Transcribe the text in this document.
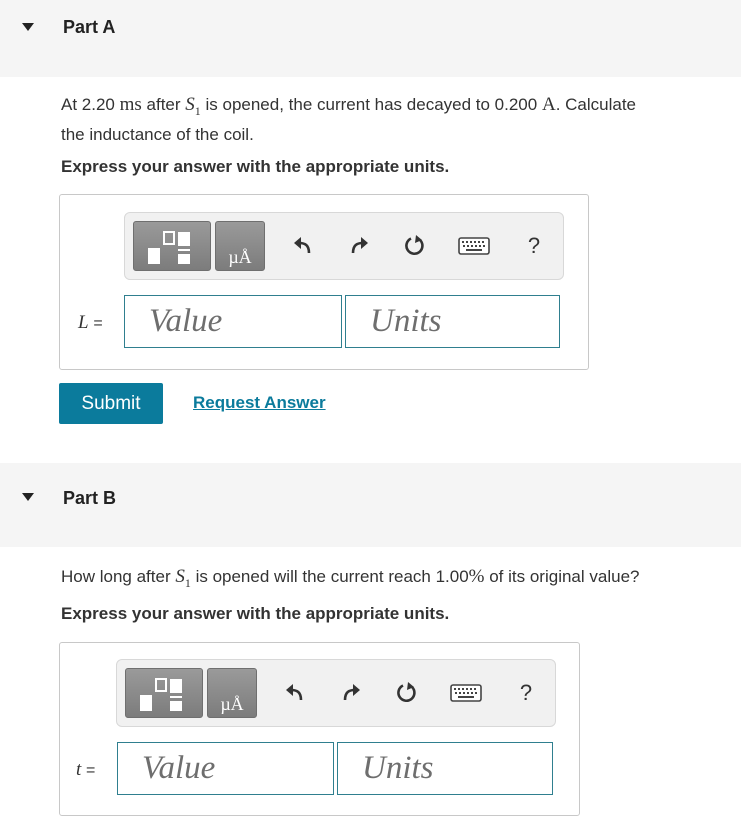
Part A
At 2.20 ms after $S_1$ is opened, the current has decayed to 0.200 A. Calculate
the inductance of the coil.
Express your answer with the appropriate units.
µÅ	?
L =	Value	Units
Submit	Request Answer
Part B
How long after $S_1$ is opened will the current reach 1.00% of its original value?
Express your answer with the appropriate units.
µÅ	?
t =	Value	Units
